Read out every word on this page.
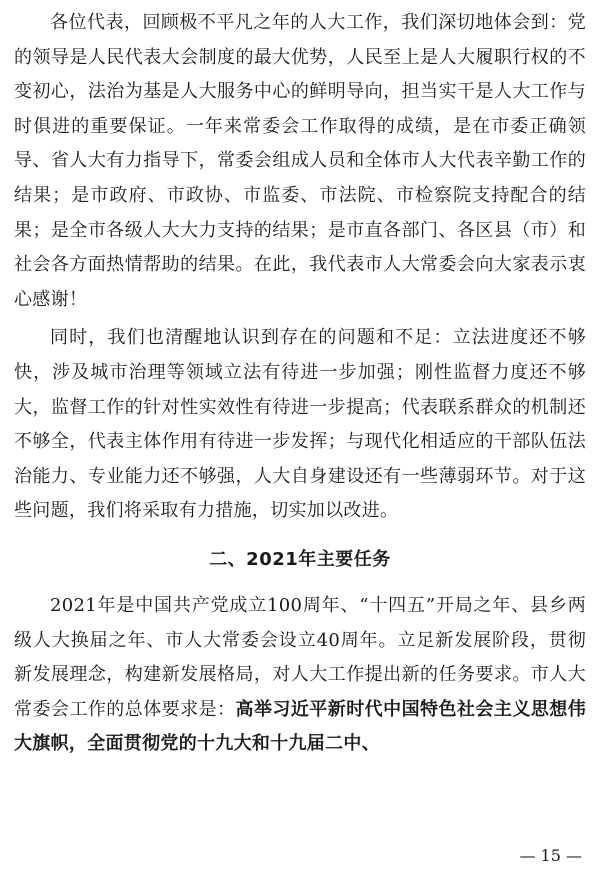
各位代表，回顾极不平凡之年的人大工作，我们深切地体会到：党的领导是人民代表大会制度的最大优势，人民至上是人大履职行权的不变初心，法治为基是人大服务中心的鲜明导向，担当实干是人大工作与时俱进的重要保证。一年来常委会工作取得的成绩，是在市委正确领导、省人大有力指导下，常委会组成人员和全体市人大代表辛勤工作的结果；是市政府、市政协、市监委、市法院、市检察院支持配合的结果；是全市各级人大大力支持的结果；是市直各部门、各区县（市）和社会各方面热情帮助的结果。在此，我代表市人大常委会向大家表示衷心感谢！

同时，我们也清醒地认识到存在的问题和不足：立法进度还不够快，涉及城市治理等领域立法有待进一步加强；刚性监督力度还不够大，监督工作的针对性实效性有待进一步提高；代表联系群众的机制还不够全，代表主体作用有待进一步发挥；与现代化相适应的干部队伍法治能力、专业能力还不够强，人大自身建设还有一些薄弱环节。对于这些问题，我们将采取有力措施，切实加以改进。

二、2021年主要任务

2021年是中国共产党成立100周年、“十四五”开局之年、县乡两级人大换届之年、市人大常委会设立40周年。立足新发展阶段，贯彻新发展理念，构建新发展格局，对人大工作提出新的任务要求。市人大常委会工作的总体要求是：高举习近平新时代中国特色社会主义思想伟大旗帜，全面贯彻党的十九大和十九届二中、

— 15 —
